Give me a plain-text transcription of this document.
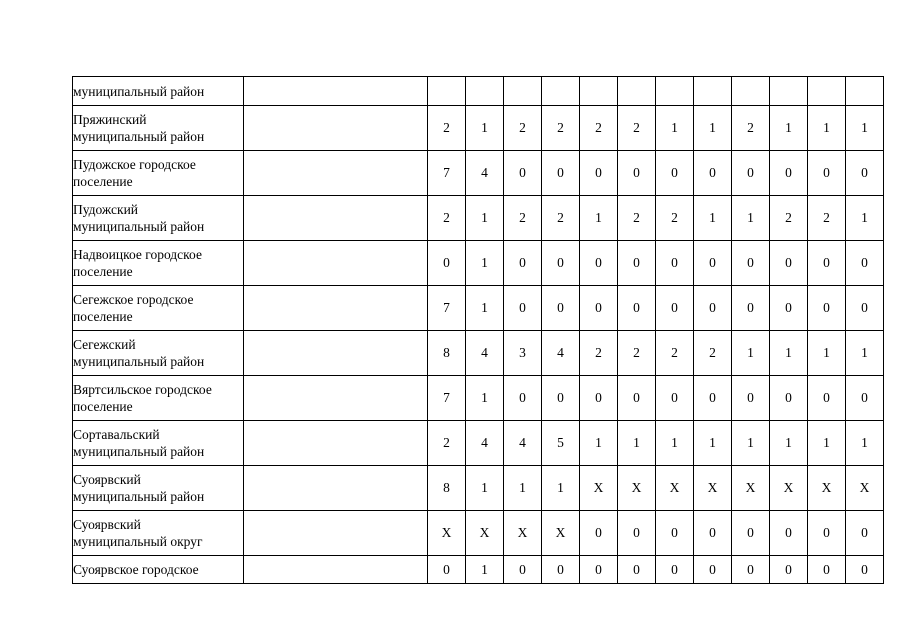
муниципальный район													

Пряжинский
муниципальный район		2	1	2	2	2	2	1	1	2	1	1	1

Пудожское городское
поселение		7	4	0	0	0	0	0	0	0	0	0	0

Пудожский
муниципальный район		2	1	2	2	1	2	2	1	1	2	2	1

Надвоицкое городское
поселение		0	1	0	0	0	0	0	0	0	0	0	0

Сегежское городское
поселение		7	1	0	0	0	0	0	0	0	0	0	0

Сегежский
муниципальный район		8	4	3	4	2	2	2	2	1	1	1	1

Вяртсильское городское
поселение		7	1	0	0	0	0	0	0	0	0	0	0

Сортавальский
муниципальный район		2	4	4	5	1	1	1	1	1	1	1	1

Суоярвский
муниципальный район		8	1	1	1	X	X	X	X	X	X	X	X

Суоярвский
муниципальный округ		X	X	X	X	0	0	0	0	0	0	0	0

Суоярвское городское		0	1	0	0	0	0	0	0	0	0	0	0
